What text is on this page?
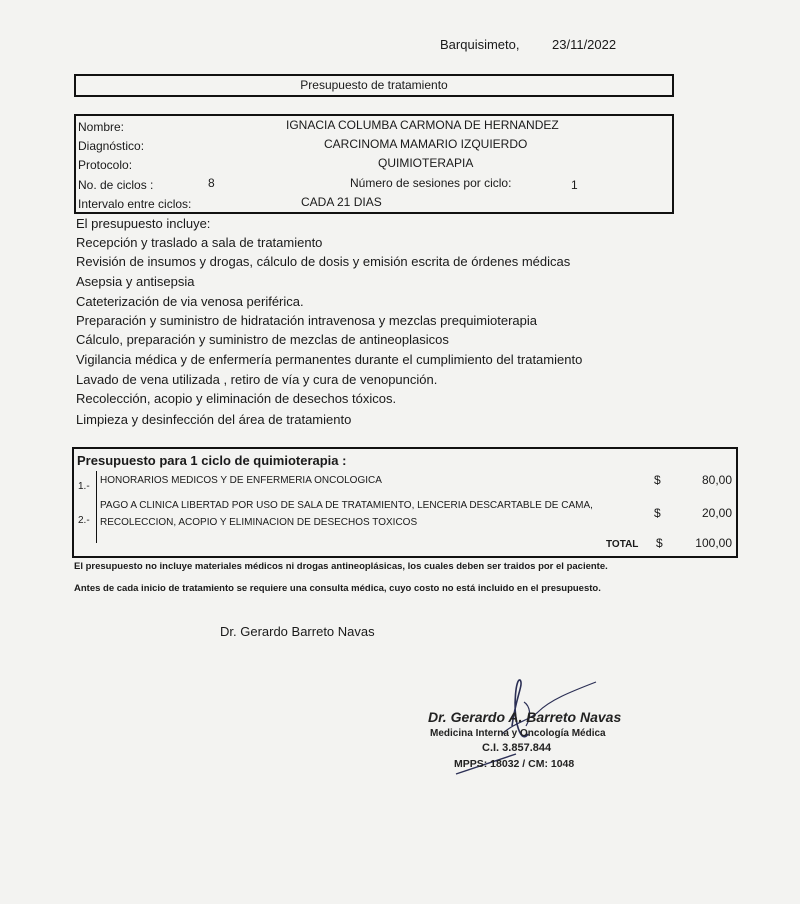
Barquisimeto,	23/11/2022
Presupuesto de tratamiento
Nombre:	IGNACIA COLUMBA CARMONA DE HERNANDEZ
Diagnóstico:	CARCINOMA MAMARIO IZQUIERDO
Protocolo:	QUIMIOTERAPIA
No. de ciclos :	8	Número de sesiones por ciclo:	1
Intervalo entre ciclos:	CADA 21 DIAS
El presupuesto incluye:
Recepción y traslado a sala de tratamiento
Revisión de insumos y drogas, cálculo de dosis y emisión escrita de órdenes médicas
Asepsia y antisepsia
Cateterización de via venosa periférica.
Preparación y suministro de hidratación intravenosa y mezclas prequimioterapia
Cálculo, preparación y suministro de mezclas de antineoplasicos
Vigilancia médica y de enfermería permanentes durante el cumplimiento del tratamiento
Lavado de vena utilizada , retiro de vía y cura de venopunción.
Recolección, acopio y eliminación de desechos tóxicos.
Limpieza y desinfección del área de tratamiento
Presupuesto para 1 ciclo de quimioterapia :
1.-
HONORARIOS MEDICOS Y DE ENFERMERIA ONCOLOGICA	$	80,00
2.-
PAGO A CLINICA LIBERTAD POR USO DE SALA DE TRATAMIENTO, LENCERIA DESCARTABLE DE CAMA,
RECOLECCION, ACOPIO Y ELIMINACION DE DESECHOS TOXICOS
$	20,00
TOTAL $	100,00
El presupuesto no incluye materiales médicos ni drogas antineoplásicas, los cuales deben ser traidos por el paciente.
Antes de cada inicio de tratamiento se requiere una consulta médica, cuyo costo no está incluido en el presupuesto.
Dr. Gerardo Barreto Navas
Dr. Gerardo A. Barreto Navas
Medicina Interna y Oncología Médica
C.I. 3.857.844
MPPS: 18032 / CM: 1048
